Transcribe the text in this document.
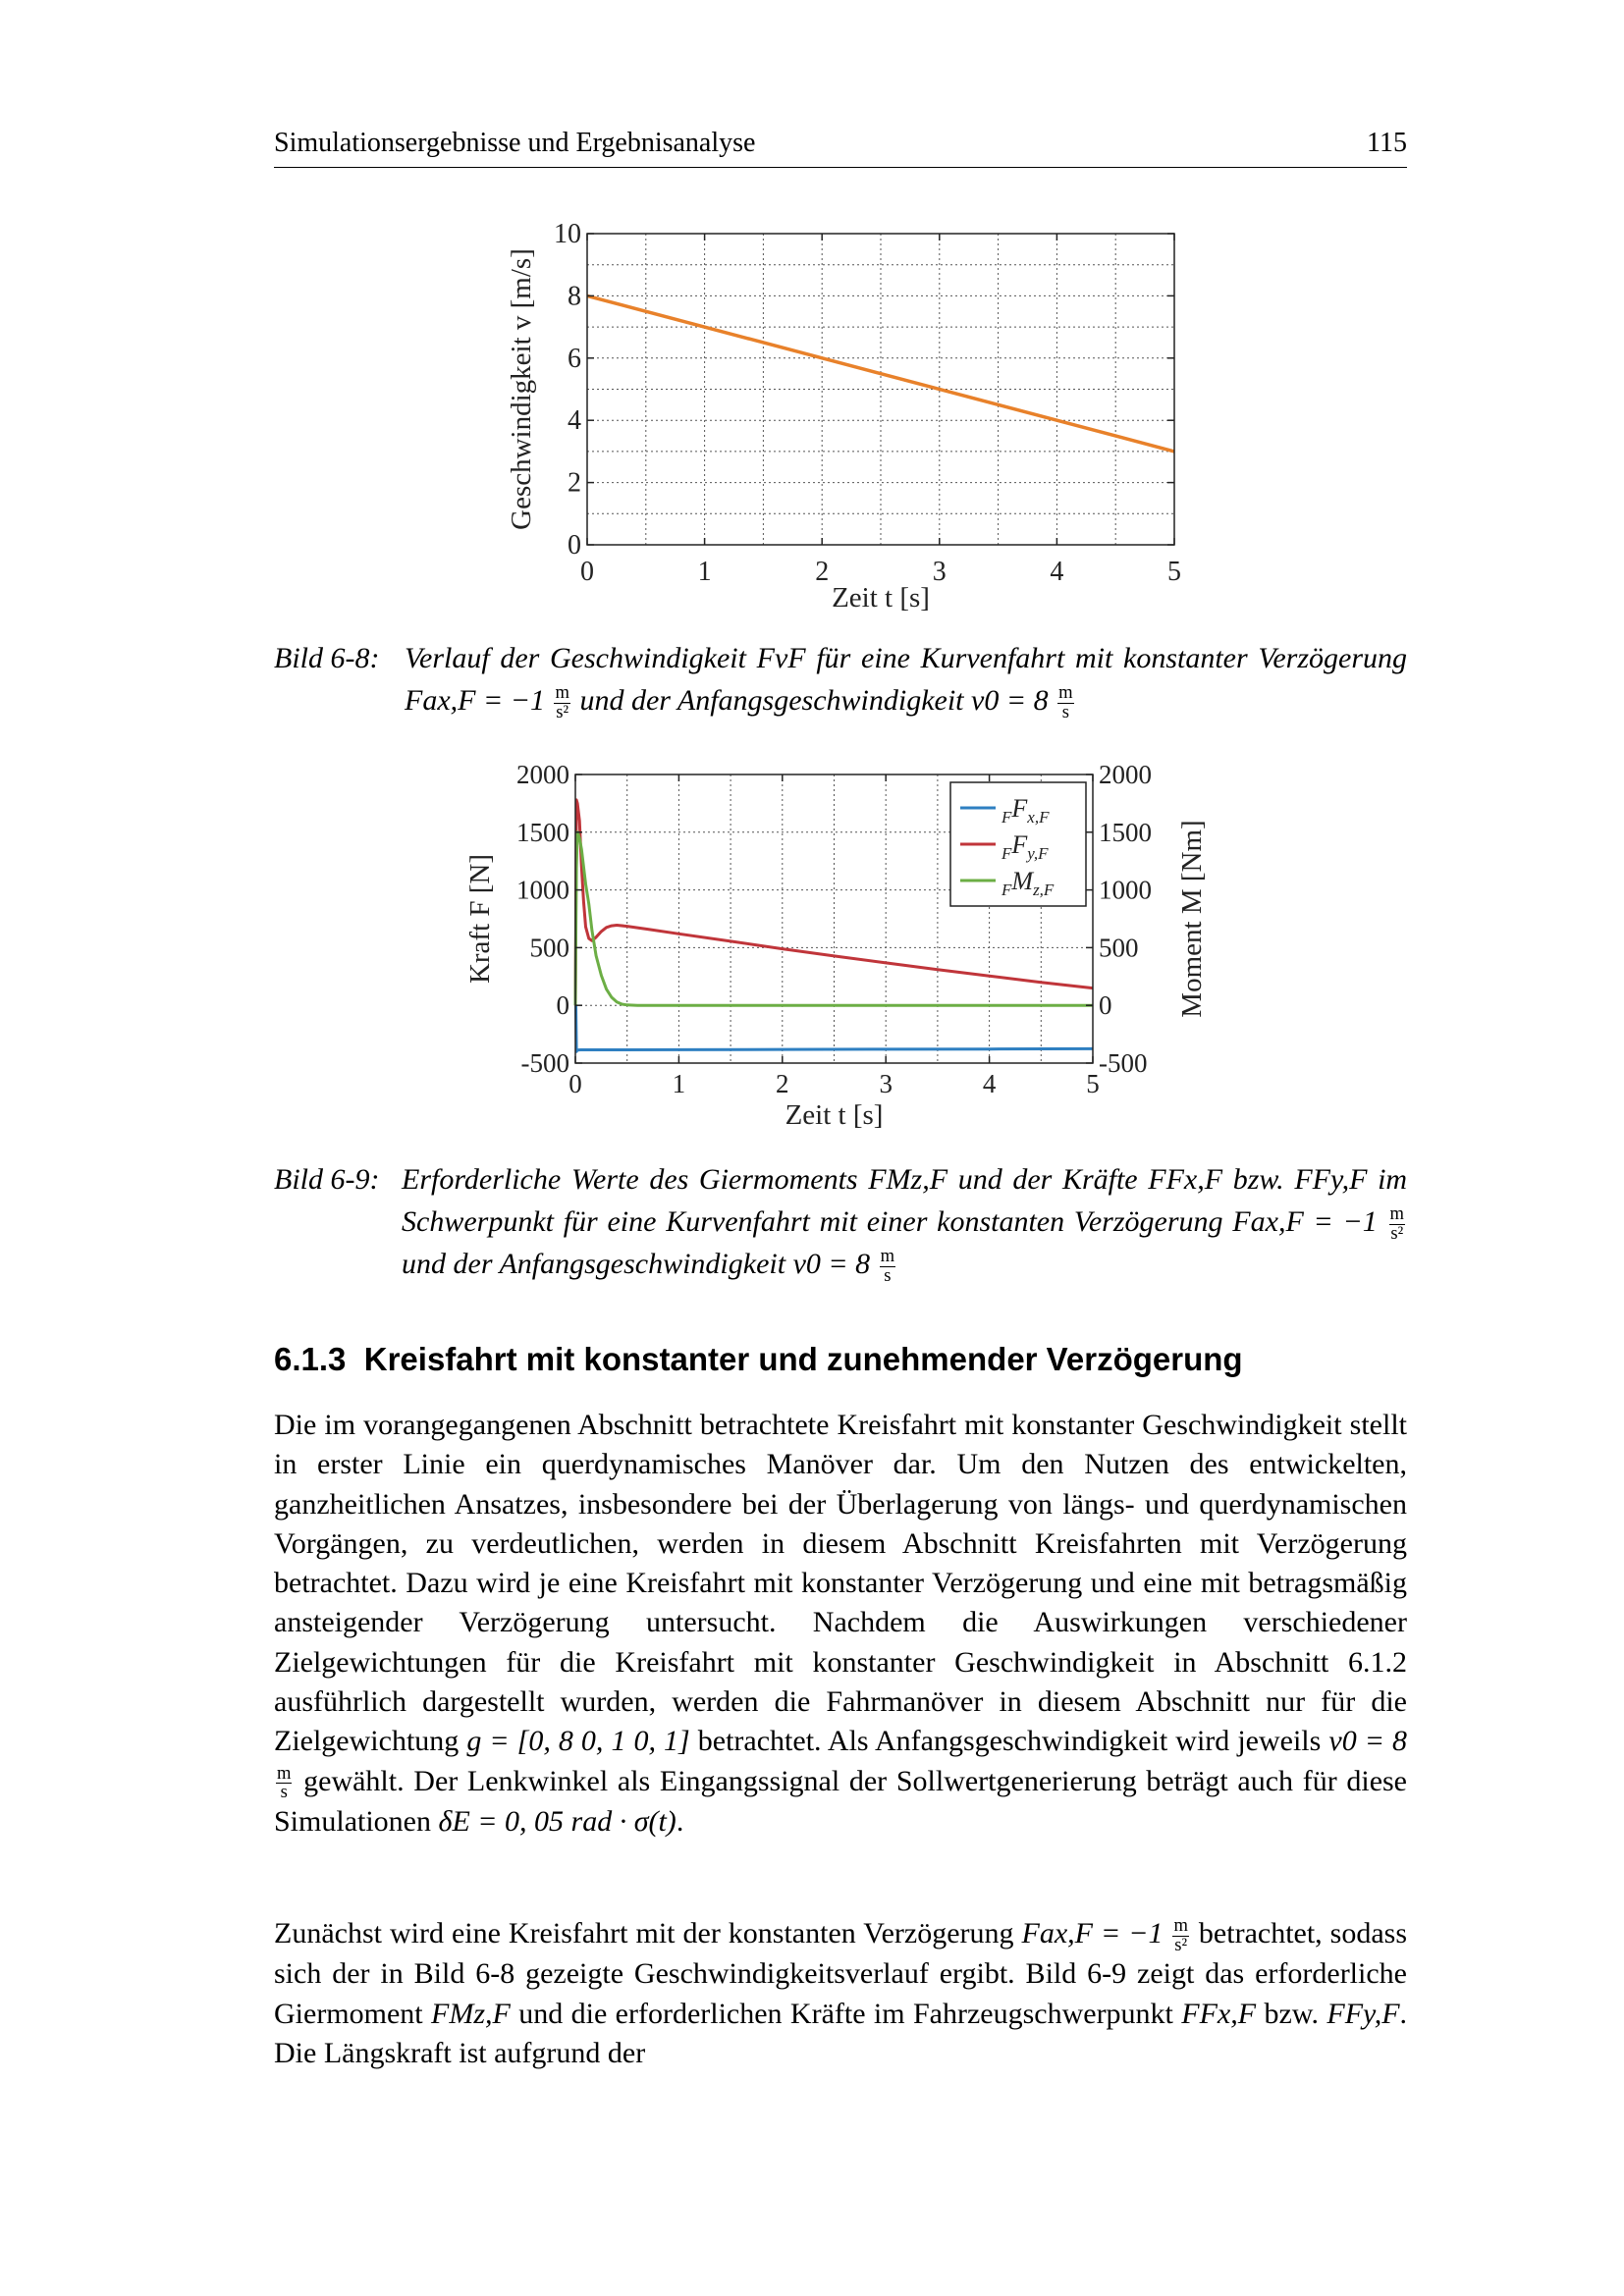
Simulationsergebnisse und Ergebnisanalyse	115
0	1	2	3	4	5
0
2
4
6
8
10
Zeit t [s]
Geschwindigkeit v [m/s]
Bild 6-8: Verlauf der Geschwindigkeit FvF für eine Kurvenfahrt mit konstanter Verzögerung $Fax,F = -1 \frac{m}{\text{s²}}$ und der Anfangsgeschwindigkeit $v0 = 8 \frac{m}{s}$
0	1	2	3	4	5
-500	-500
0	0
500	500
1000	1000
1500	1500
2000	2000
Zeit t [s]
Kraft F [N]	Moment M [Nm]
$_FF_{x,F}$
$_FF_{y,F}$
$_FM_{z,F}$
Bild 6-9: Erforderliche Werte des Giermoments FMz,F und der Kräfte FFx,F bzw. FFy,F im Schwerpunkt für eine Kurvenfahrt mit einer konstanten Verzögerung $Fax,F = -1 \frac{m}{\text{s²}}$
und der Anfangsgeschwindigkeit $v0 = 8 \frac{m}{s}$
6.1.3 Kreisfahrt mit konstanter und zunehmender Verzögerung
Die im vorangegangenen Abschnitt betrachtete Kreisfahrt mit konstanter Geschwindigkeit stellt in erster Linie ein querdynamisches Manöver dar. Um den Nutzen des entwickelten, ganzheitlichen Ansatzes, insbesondere bei der Überlagerung von längs- und querdynamischen Vorgängen, zu verdeutlichen, werden in diesem Abschnitt Kreisfahrten mit Verzögerung betrachtet. Dazu wird je eine Kreisfahrt mit konstanter Verzögerung und eine mit betragsmäßig ansteigender Verzögerung untersucht. Nachdem die Auswirkungen verschiedener Zielgewichtungen für die Kreisfahrt mit konstanter Geschwindigkeit in Abschnitt 6.1.2 ausführlich dargestellt wurden, werden die Fahrmanöver in diesem Abschnitt nur für die Zielgewichtung g = [0, 8 0, 1 0, 1] betrachtet. Als Anfangsgeschwindigkeit wird jeweils v0 = 8
$\frac{m}{s}$ gewählt. Der Lenkwinkel als Eingangssignal der Sollwertgenerierung beträgt auch für diese Simulationen δE = 0, 05 rad · σ(t).
Zunächst wird eine Kreisfahrt mit der konstanten Verzögerung $Fax,F = -1 \frac{m}{\text{s²}}$ betrachtet, sodass sich der in Bild 6-8 gezeigte Geschwindigkeitsverlauf ergibt. Bild 6-9 zeigt das erforderliche Giermoment FMz,F und die erforderlichen Kräfte im Fahrzeugschwerpunkt FFx,F bzw. FFy,F. Die Längskraft ist aufgrund der
